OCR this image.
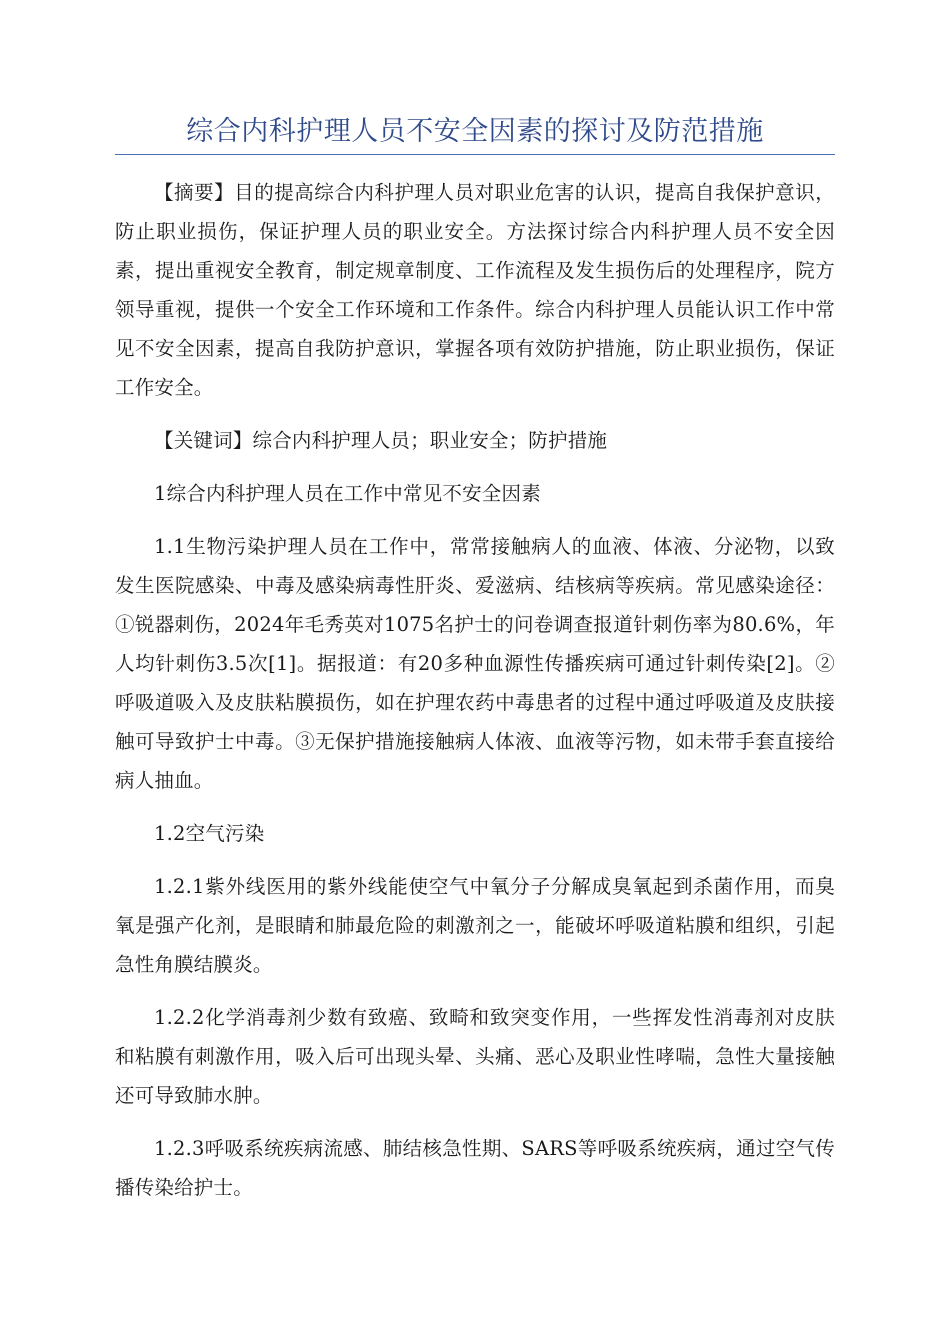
综合内科护理人员不安全因素的探讨及防范措施

【摘要】目的提高综合内科护理人员对职业危害的认识，提高自我保护意识，防止职业损伤，保证护理人员的职业安全。方法探讨综合内科护理人员不安全因素，提出重视安全教育，制定规章制度、工作流程及发生损伤后的处理程序，院方领导重视，提供一个安全工作环境和工作条件。综合内科护理人员能认识工作中常见不安全因素，提高自我防护意识，掌握各项有效防护措施，防止职业损伤，保证工作安全。

【关键词】综合内科护理人员；职业安全；防护措施

1综合内科护理人员在工作中常见不安全因素

1.1生物污染护理人员在工作中，常常接触病人的血液、体液、分泌物，以致发生医院感染、中毒及感染病毒性肝炎、爱滋病、结核病等疾病。常见感染途径：①锐器刺伤，2024年毛秀英对1075名护士的问卷调查报道针刺伤率为80.6%，年人均针刺伤3.5次[1]。据报道：有20多种血源性传播疾病可通过针刺传染[2]。②呼吸道吸入及皮肤粘膜损伤，如在护理农药中毒患者的过程中通过呼吸道及皮肤接触可导致护士中毒。③无保护措施接触病人体液、血液等污物，如未带手套直接给病人抽血。

1.2空气污染

1.2.1紫外线医用的紫外线能使空气中氧分子分解成臭氧起到杀菌作用，而臭氧是强产化剂，是眼睛和肺最危险的刺激剂之一，能破坏呼吸道粘膜和组织，引起急性角膜结膜炎。

1.2.2化学消毒剂少数有致癌、致畸和致突变作用，一些挥发性消毒剂对皮肤和粘膜有刺激作用，吸入后可出现头晕、头痛、恶心及职业性哮喘，急性大量接触还可导致肺水肿。

1.2.3呼吸系统疾病流感、肺结核急性期、SARS等呼吸系统疾病，通过空气传播传染给护士。
